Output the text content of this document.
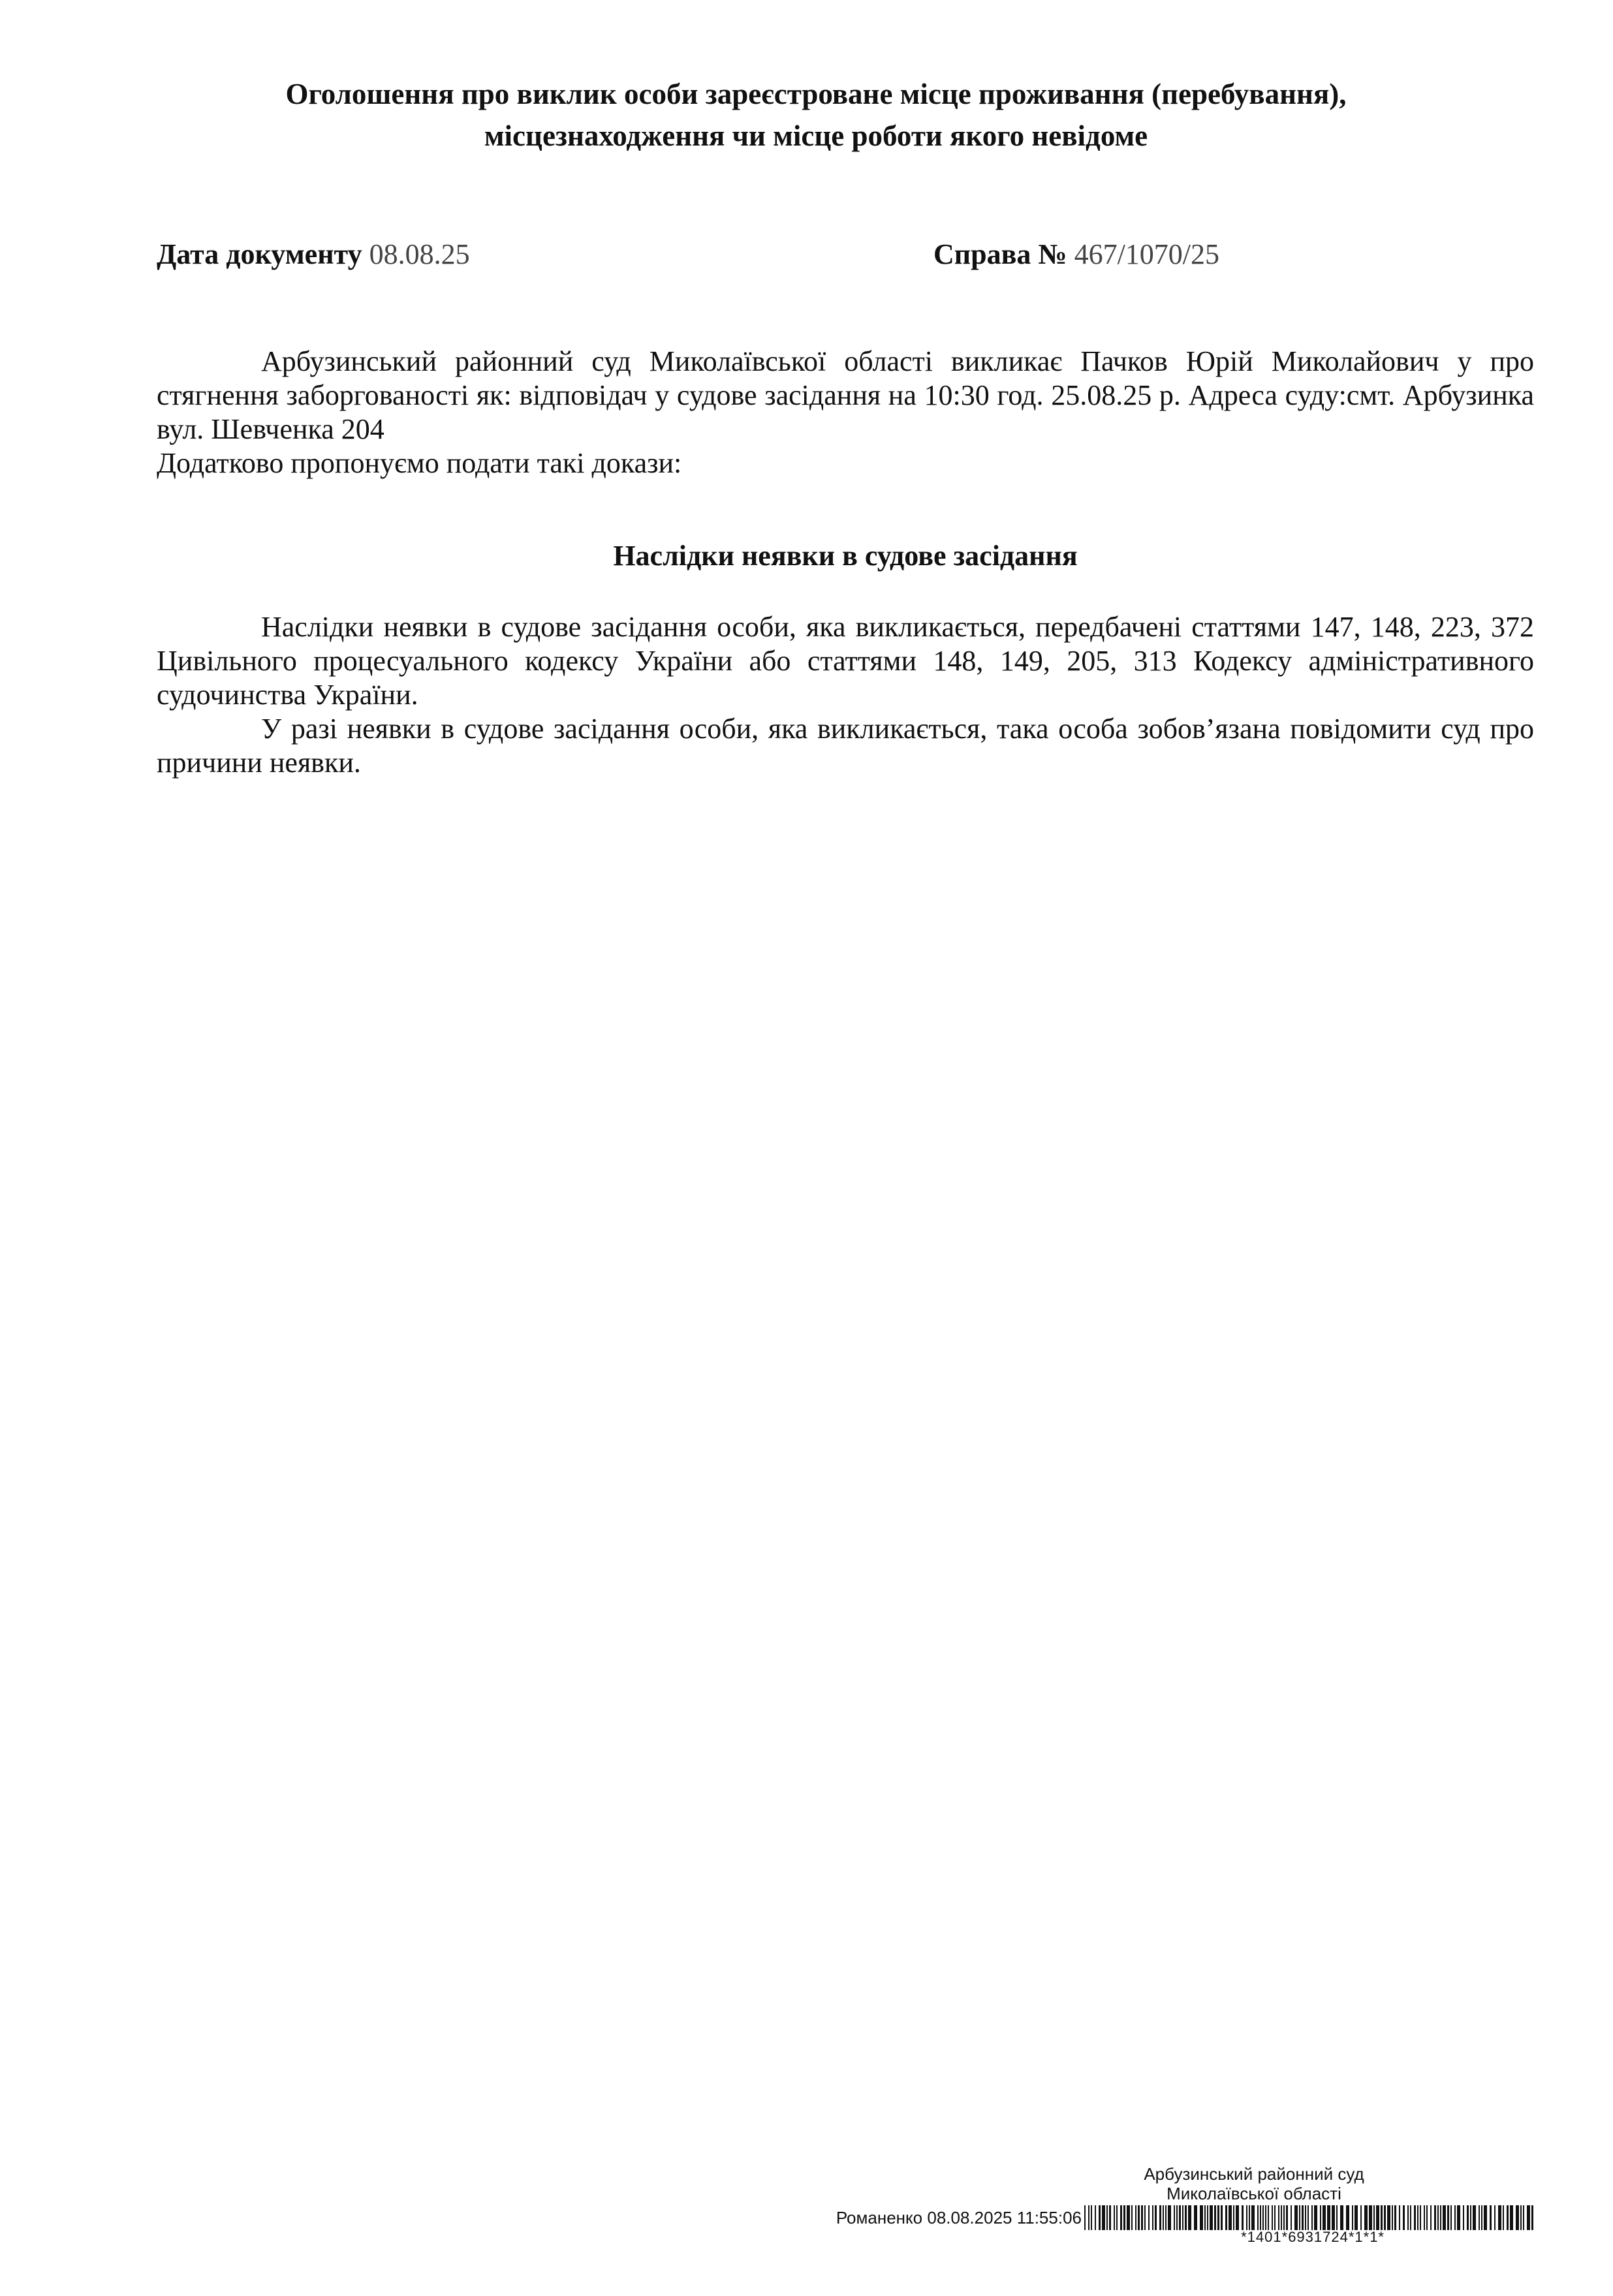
Оголошення про виклик особи зареєстроване місце проживання (перебування),
місцезнаходження чи місце роботи якого невідоме
Дата документу 08.08.25	Справа № 467/1070/25

Арбузинський районний суд Миколаївської області викликає Пачков Юрій Миколайович у про стягнення заборгованості як: відповідач у судове засідання на 10:30 год. 25.08.25 р. Адреса суду:смт. Арбузинка вул. Шевченка 204

Додатково пропонуємо подати такі докази:

Наслідки неявки в судове засідання

Наслідки неявки в судове засідання особи, яка викликається, передбачені статтями 147, 148, 223, 372 Цивільного процесуального кодексу України або статтями 148, 149, 205, 313 Кодексу адміністративного судочинства України.

У разі неявки в судове засідання особи, яка викликається, така особа зобов’язана повідомити суд про причини неявки.

Арбузинський районний суд
Миколаївської області
Романенко 08.08.2025 11:55:06
*1401*6931724*1*1*
